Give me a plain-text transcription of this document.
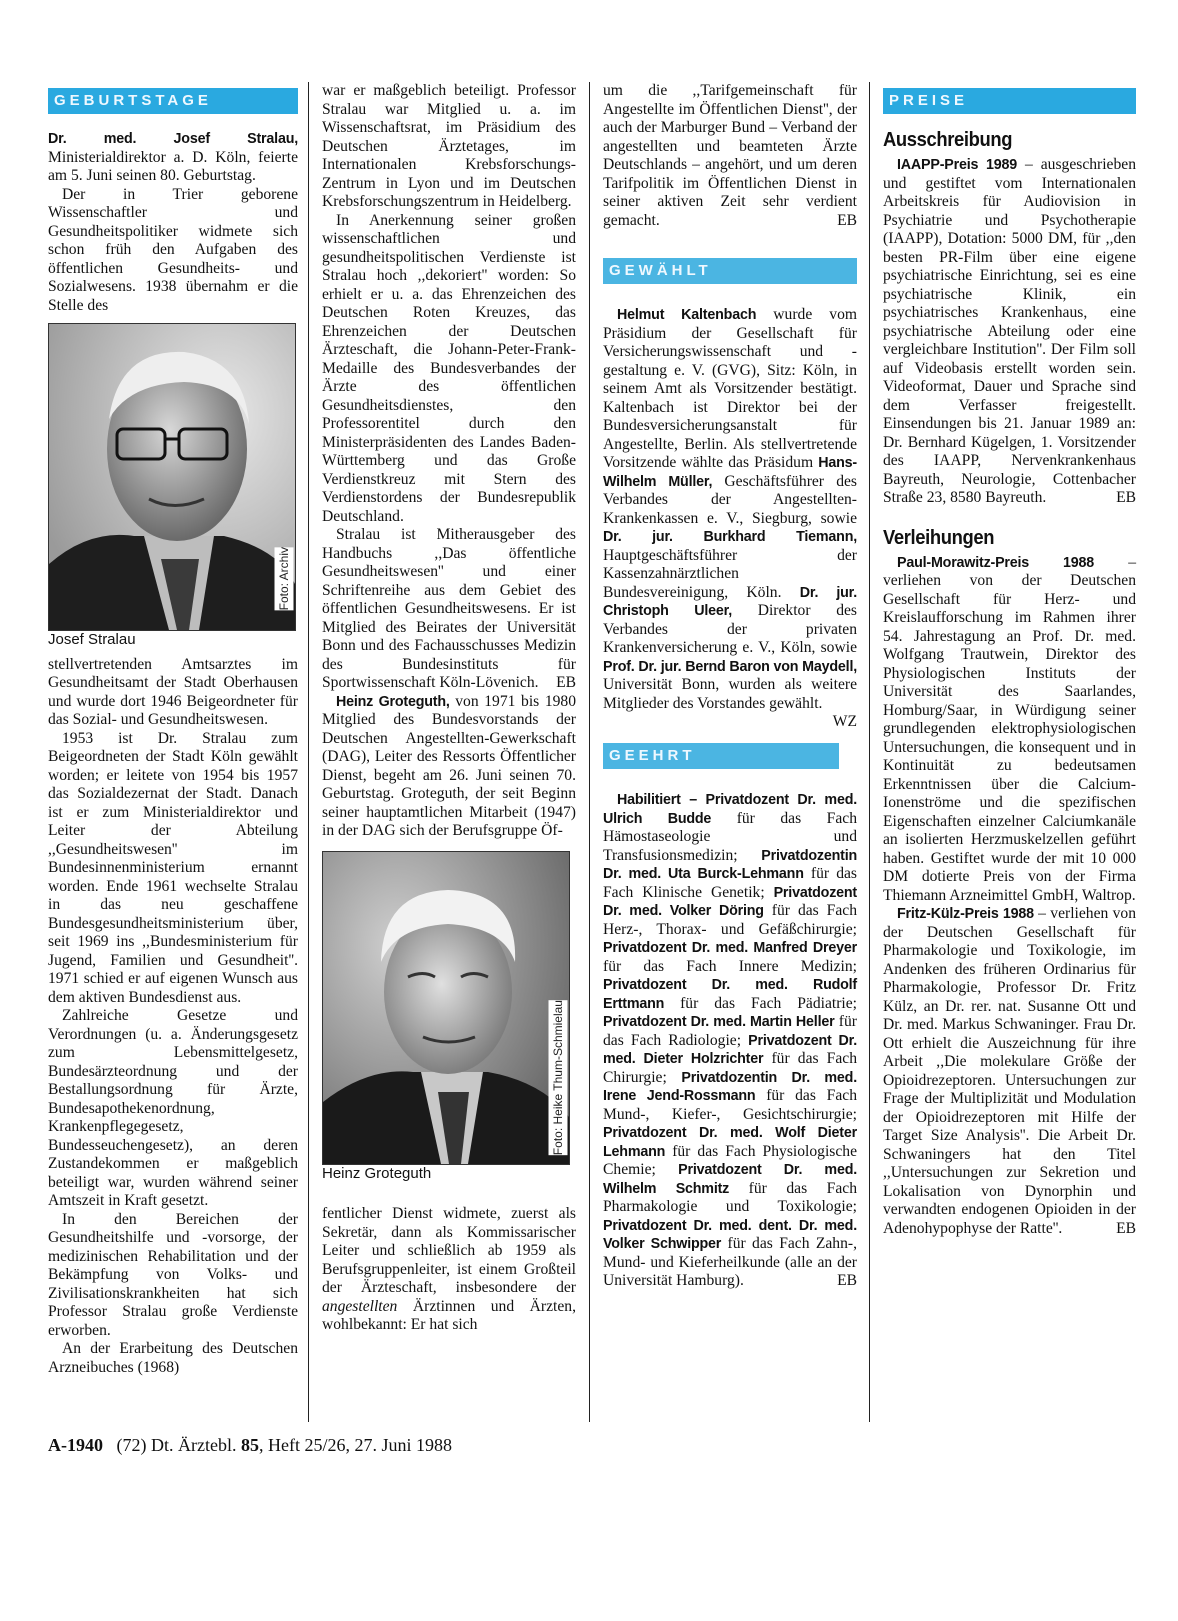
GEBURTSTAGE

Dr. med. Josef Stralau, Ministerialdirektor a. D. Köln, feierte am 5. Juni seinen 80. Geburtstag.

Der in Trier geborene Wissenschaftler und Gesundheitspolitiker widmete sich schon früh den Aufgaben des öffentlichen Gesundheits- und Sozialwesens. 1938 übernahm er die Stelle des

Foto: Archiv
Josef Stralau

stellvertretenden Amtsarztes im Gesundheitsamt der Stadt Oberhausen und wurde dort 1946 Beigeordneter für das Sozial- und Gesundheitswesen.

1953 ist Dr. Stralau zum Beigeordneten der Stadt Köln gewählt worden; er leitete von 1954 bis 1957 das Sozialdezernat der Stadt. Danach ist er zum Ministerialdirektor und Leiter der Abteilung ,,Gesundheitswesen'' im Bundesinnenministerium ernannt worden. Ende 1961 wechselte Stralau in das neu geschaffene Bundesgesundheitsministerium über, seit 1969 ins ,,Bundesministerium für Jugend, Familien und Gesundheit''. 1971 schied er auf eigenen Wunsch aus dem aktiven Bundesdienst aus.

Zahlreiche Gesetze und Verordnungen (u. a. Änderungsgesetz zum Lebensmittelgesetz, Bundesärzteordnung und der Bestallungsordnung für Ärzte, Bundesapothekenordnung, Krankenpflegegesetz, Bundesseuchengesetz), an deren Zustandekommen er maßgeblich beteiligt war, wurden während seiner Amtszeit in Kraft gesetzt.

In den Bereichen der Gesundheitshilfe und -vorsorge, der medizinischen Rehabilitation und der Bekämpfung von Volks- und Zivilisationskrankheiten hat sich Professor Stralau große Verdienste erworben.

An der Erarbeitung des Deutschen Arzneibuches (1968)

war er maßgeblich beteiligt. Professor Stralau war Mitglied u. a. im Wissenschaftsrat, im Präsidium des Deutschen Ärztetages, im Internationalen Krebsforschungs-Zentrum in Lyon und im Deutschen Krebsforschungszentrum in Heidelberg.

In Anerkennung seiner großen wissenschaftlichen und gesundheitspolitischen Verdienste ist Stralau hoch ,,dekoriert'' worden: So erhielt er u. a. das Ehrenzeichen des Deutschen Roten Kreuzes, das Ehrenzeichen der Deutschen Ärzteschaft, die Johann-Peter-Frank-Medaille des Bundesverbandes der Ärzte des öffentlichen Gesundheitsdienstes, den Professorentitel durch den Ministerpräsidenten des Landes Baden-Württemberg und das Große Verdienstkreuz mit Stern des Verdienstordens der Bundesrepublik Deutschland.

Stralau ist Mitherausgeber des Handbuchs ,,Das öffentliche Gesundheitswesen'' und einer Schriftenreihe aus dem Gebiet des öffentlichen Gesundheitswesens. Er ist Mitglied des Beirates der Universität Bonn und des Fachausschusses Medizin des Bundesinstituts für Sportwissenschaft Köln-Lövenich.	EB

Heinz Groteguth, von 1971 bis 1980 Mitglied des Bundesvorstands der Deutschen Angestellten-Gewerkschaft (DAG), Leiter des Ressorts Öffentlicher Dienst, begeht am 26. Juni seinen 70. Geburtstag. Groteguth, der seit Beginn seiner hauptamtlichen Mitarbeit (1947) in der DAG sich der Berufsgruppe Öf-

Foto: Heike Thum-Schmielau
Heinz Groteguth

fentlicher Dienst widmete, zuerst als Sekretär, dann als Kommissarischer Leiter und schließlich ab 1959 als Berufsgruppenleiter, ist einem Großteil der Ärzteschaft, insbesondere der angestellten Ärztinnen und Ärzten, wohlbekannt: Er hat sich

um die ,,Tarifgemeinschaft für Angestellte im Öffentlichen Dienst'', der auch der Marburger Bund – Verband der angestellten und beamteten Ärzte Deutschlands – angehört, und um deren Tarifpolitik im Öffentlichen Dienst in seiner aktiven Zeit sehr verdient gemacht.	EB

GEWÄHLT

Helmut Kaltenbach wurde vom Präsidium der Gesellschaft für Versicherungswissenschaft und -gestaltung e. V. (GVG), Sitz: Köln, in seinem Amt als Vorsitzender bestätigt. Kaltenbach ist Direktor bei der Bundesversicherungsanstalt für Angestellte, Berlin. Als stellvertretende Vorsitzende wählte das Präsidum Hans-Wilhelm Müller, Geschäftsführer des Verbandes der Angestellten-Krankenkassen e. V., Siegburg, sowie Dr. jur. Burkhard Tiemann, Hauptgeschäftsführer der Kassenzahnärztlichen Bundesvereinigung, Köln. Dr. jur. Christoph Uleer, Direktor des Verbandes der privaten Krankenversicherung e. V., Köln, sowie Prof. Dr. jur. Bernd Baron von Maydell, Universität Bonn, wurden als weitere Mitglieder des Vorstandes gewählt.
WZ

GEEHRT

Habilitiert – Privatdozent Dr. med. Ulrich Budde für das Fach Hämostaseologie und Transfusionsmedizin; Privatdozentin Dr. med. Uta Burck-Lehmann für das Fach Klinische Genetik; Privatdozent Dr. med. Volker Döring für das Fach Herz-, Thorax- und Gefäßchirurgie; Privatdozent Dr. med. Manfred Dreyer für das Fach Innere Medizin; Privatdozent Dr. med. Rudolf Erttmann für das Fach Pädiatrie; Privatdozent Dr. med. Martin Heller für das Fach Radiologie; Privatdozent Dr. med. Dieter Holzrichter für das Fach Chirurgie; Privatdozentin Dr. med. Irene Jend-Rossmann für das Fach Mund-, Kiefer-, Gesichtschirurgie; Privatdozent Dr. med. Wolf Dieter Lehmann für das Fach Physiologische Chemie; Privatdozent Dr. med. Wilhelm Schmitz für das Fach Pharmakologie und Toxikologie; Privatdozent Dr. med. dent. Dr. med. Volker Schwipper für das Fach Zahn-, Mund- und Kieferheilkunde (alle an der Universität Hamburg).	EB

PREISE
Ausschreibung

IAAPP-Preis 1989 – ausgeschrieben und gestiftet vom Internationalen Arbeitskreis für Audiovision in Psychiatrie und Psychotherapie (IAAPP), Dotation: 5000 DM, für ,,den besten PR-Film über eine eigene psychiatrische Einrichtung, sei es eine psychiatrische Klinik, ein psychiatrisches Krankenhaus, eine psychiatrische Abteilung oder eine vergleichbare Institution''. Der Film soll auf Videobasis erstellt worden sein. Videoformat, Dauer und Sprache sind dem Verfasser freigestellt. Einsendungen bis 21. Januar 1989 an: Dr. Bernhard Kügelgen, 1. Vorsitzender des IAAPP, Nervenkrankenhaus Bayreuth, Neurologie, Cottenbacher Straße 23, 8580 Bayreuth.	EB

Verleihungen

Paul-Morawitz-Preis 1988 – verliehen von der Deutschen Gesellschaft für Herz- und Kreislaufforschung im Rahmen ihrer 54. Jahrestagung an Prof. Dr. med. Wolfgang Trautwein, Direktor des Physiologischen Instituts der Universität des Saarlandes, Homburg/Saar, in Würdigung seiner grundlegenden elektrophysiologischen Untersuchungen, die konsequent und in Kontinuität zu bedeutsamen Erkenntnissen über die Calcium-Ionenströme und die spezifischen Eigenschaften einzelner Calciumkanäle an isolierten Herzmuskelzellen geführt haben. Gestiftet wurde der mit 10 000 DM dotierte Preis von der Firma Thiemann Arzneimittel GmbH, Waltrop.

Fritz-Külz-Preis 1988 – verliehen von der Deutschen Gesellschaft für Pharmakologie und Toxikologie, im Andenken des früheren Ordinarius für Pharmakologie, Professor Dr. Fritz Külz, an Dr. rer. nat. Susanne Ott und Dr. med. Markus Schwaninger. Frau Dr. Ott erhielt die Auszeichnung für ihre Arbeit ,,Die molekulare Größe der Opioidrezeptoren. Untersuchungen zur Frage der Multiplizität und Modulation der Opioidrezeptoren mit Hilfe der Target Size Analysis''. Die Arbeit Dr. Schwaningers hat den Titel ,,Untersuchungen zur Sekretion und Lokalisation von Dynorphin und verwandten endogenen Opioiden in der Adenohypophyse der Ratte''.	EB

A-1940 (72) Dt. Ärztebl. 85, Heft 25/26, 27. Juni 1988
